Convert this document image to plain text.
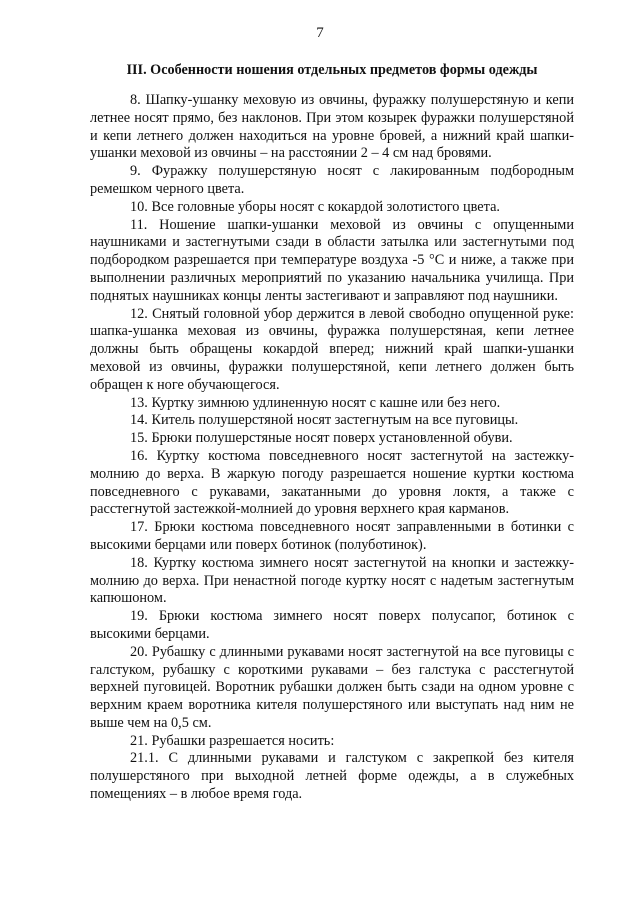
7
III. Особенности ношения отдельных предметов формы одежды

8. Шапку-ушанку меховую из овчины, фуражку полушерстяную и кепи летнее носят прямо, без наклонов. При этом козырек фуражки полушерстяной и кепи летнего должен находиться на уровне бровей, а нижний край шапки-ушанки меховой из овчины – на расстоянии 2 – 4 см над бровями.

9. Фуражку полушерстяную носят с лакированным подбородным ремешком черного цвета.

10. Все головные уборы носят с кокардой золотистого цвета.

11. Ношение шапки-ушанки меховой из овчины с опущенными наушниками и застегнутыми сзади в области затылка или застегнутыми под подбородком разрешается при температуре воздуха -5 °С и ниже, а также при выполнении различных мероприятий по указанию начальника училища. При поднятых наушниках концы ленты застегивают и заправляют под наушники.

12. Снятый головной убор держится в левой свободно опущенной руке: шапка-ушанка меховая из овчины, фуражка полушерстяная, кепи летнее должны быть обращены кокардой вперед; нижний край шапки-ушанки меховой из овчины, фуражки полушерстяной, кепи летнего должен быть обращен к ноге обучающегося.

13. Куртку зимнюю удлиненную носят с кашне или без него.

14. Китель полушерстяной носят застегнутым на все пуговицы.

15. Брюки полушерстяные носят поверх установленной обуви.

16. Куртку костюма повседневного носят застегнутой на застежку-молнию до верха. В жаркую погоду разрешается ношение куртки костюма повседневного с рукавами, закатанными до уровня локтя, а также с расстегнутой застежкой-молнией до уровня верхнего края карманов.

17. Брюки костюма повседневного носят заправленными в ботинки с высокими берцами или поверх ботинок (полуботинок).

18. Куртку костюма зимнего носят застегнутой на кнопки и застежку-молнию до верха. При ненастной погоде куртку носят с надетым застегнутым капюшоном.

19. Брюки костюма зимнего носят поверх полусапог, ботинок с высокими берцами.

20. Рубашку с длинными рукавами носят застегнутой на все пуговицы с галстуком, рубашку с короткими рукавами – без галстука с расстегнутой верхней пуговицей. Воротник рубашки должен быть сзади на одном уровне с верхним краем воротника кителя полушерстяного или выступать над ним не выше чем на 0,5 см.

21. Рубашки разрешается носить:

21.1. С длинными рукавами и галстуком с закрепкой без кителя полушерстяного при выходной летней форме одежды, а в служебных помещениях – в любое время года.
